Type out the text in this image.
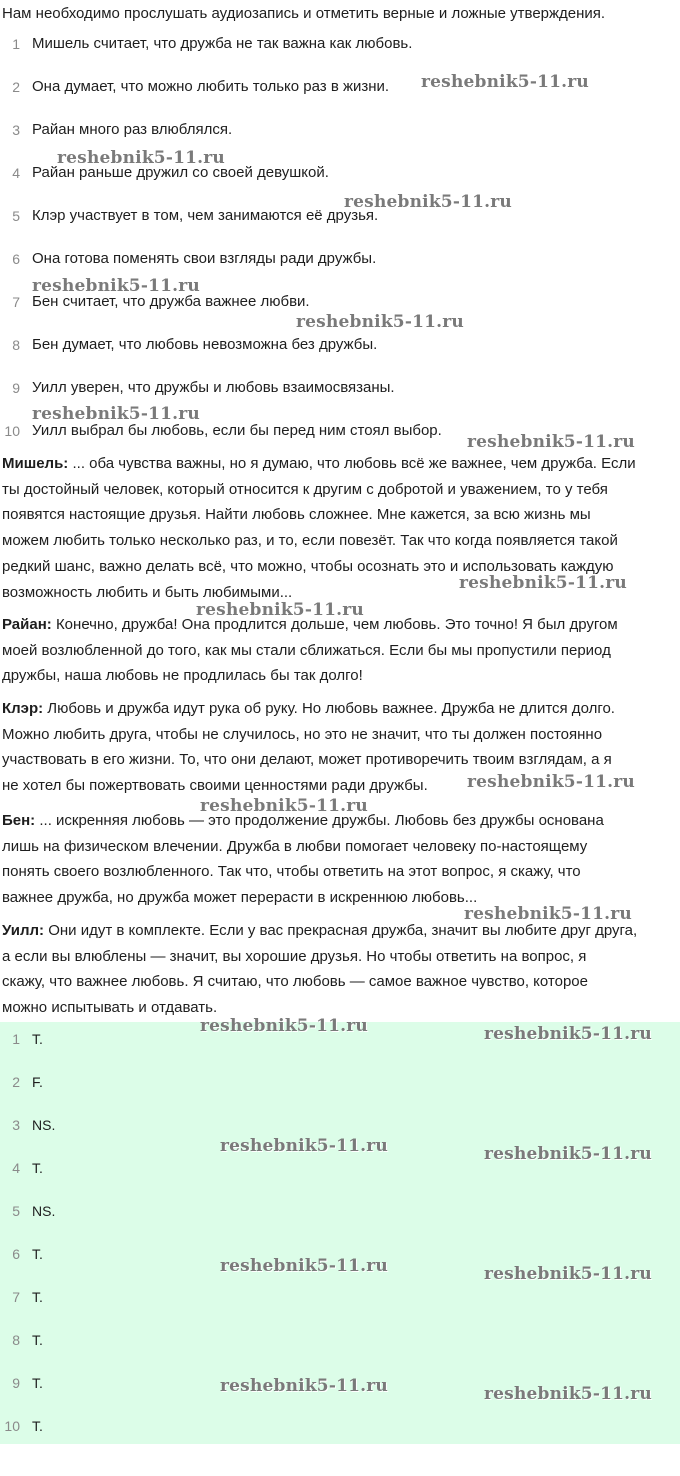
Нам необходимо прослушать аудиозапись и отметить верные и ложные утверждения.
1 Мишель считает, что дружба не так важна как любовь.
2 Она думает, что можно любить только раз в жизни.
3 Райан много раз влюблялся.
4 Райан раньше дружил со своей девушкой.
5 Клэр участвует в том, чем занимаются её друзья.
6 Она готова поменять свои взгляды ради дружбы.
7 Бен считает, что дружба важнее любви.
8 Бен думает, что любовь невозможна без дружбы.
9 Уилл уверен, что дружбы и любовь взаимосвязаны.
10 Уилл выбрал бы любовь, если бы перед ним стоял выбор.
Мишель: ... оба чувства важны, но я думаю, что любовь всё же важнее, чем дружба. Если
ты достойный человек, который относится к другим с добротой и уважением, то у тебя
появятся настоящие друзья. Найти любовь сложнее. Мне кажется, за всю жизнь мы
можем любить только несколько раз, и то, если повезёт. Так что когда появляется такой
редкий шанс, важно делать всё, что можно, чтобы осознать это и использовать каждую
возможность любить и быть любимыми...
Райан: Конечно, дружба! Она продлится дольше, чем любовь. Это точно! Я был другом
моей возлюбленной до того, как мы стали сближаться. Если бы мы пропустили период
дружбы, наша любовь не продлилась бы так долго!
Клэр: Любовь и дружба идут рука об руку. Но любовь важнее. Дружба не длится долго.
Можно любить друга, чтобы не случилось, но это не значит, что ты должен постоянно
участвовать в его жизни. То, что они делают, может противоречить твоим взглядам, а я
не хотел бы пожертвовать своими ценностями ради дружбы.
Бен: ... искренняя любовь — это продолжение дружбы. Любовь без дружбы основана
лишь на физическом влечении. Дружба в любви помогает человеку по-настоящему
понять своего возлюбленного. Так что, чтобы ответить на этот вопрос, я скажу, что
важнее дружба, но дружба может перерасти в искреннюю любовь...
Уилл: Они идут в комплекте. Если у вас прекрасная дружба, значит вы любите друг друга,
а если вы влюблены — значит, вы хорошие друзья. Но чтобы ответить на вопрос, я
скажу, что важнее любовь. Я считаю, что любовь — самое важное чувство, которое
можно испытывать и отдавать.
1 T.
2 F.
3 NS.
4 T.
5 NS.
6 T.
7 T.
8 T.
9 T.
10 T.
reshebnik5-11.ru
reshebnik5-11.ru
reshebnik5-11.ru
reshebnik5-11.ru
reshebnik5-11.ru
reshebnik5-11.ru
reshebnik5-11.ru
reshebnik5-11.ru
reshebnik5-11.ru
reshebnik5-11.ru
reshebnik5-11.ru
reshebnik5-11.ru
reshebnik5-11.ru	reshebnik5-11.ru
reshebnik5-11.ru	reshebnik5-11.ru
reshebnik5-11.ru	reshebnik5-11.ru
reshebnik5-11.ru	reshebnik5-11.ru
